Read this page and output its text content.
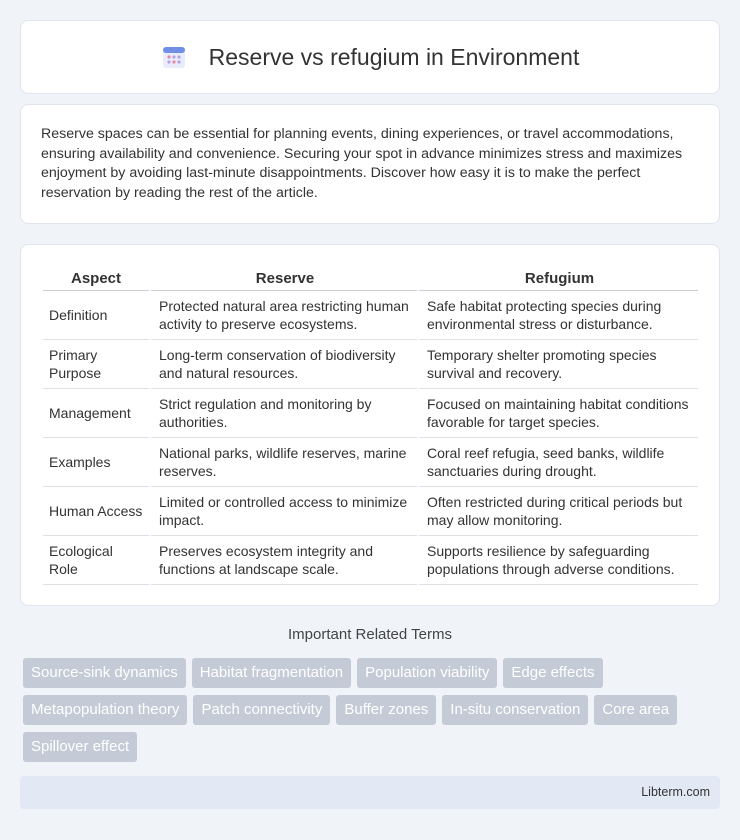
Reserve vs refugium in Environment

Reserve spaces can be essential for planning events, dining experiences, or travel accommodations, ensuring availability and convenience. Securing your spot in advance minimizes stress and maximizes enjoyment by avoiding last-minute disappointments. Discover how easy it is to make the perfect reservation by reading the rest of the article.

Aspect	Reserve	Refugium
Definition	Protected natural area restricting human activity to preserve ecosystems.	Safe habitat protecting species during environmental stress or disturbance.
Primary Purpose	Long-term conservation of biodiversity and natural resources.	Temporary shelter promoting species survival and recovery.
Management	Strict regulation and monitoring by authorities.	Focused on maintaining habitat conditions favorable for target species.
Examples	National parks, wildlife reserves, marine reserves.	Coral reef refugia, seed banks, wildlife sanctuaries during drought.
Human Access	Limited or controlled access to minimize impact.	Often restricted during critical periods but may allow monitoring.
Ecological Role	Preserves ecosystem integrity and functions at landscape scale.	Supports resilience by safeguarding populations through adverse conditions.
Important Related Terms
Source-sink dynamics	Habitat fragmentation	Population viability	Edge effects
Metapopulation theory	Patch connectivity	Buffer zones	In-situ conservation	Core area
Spillover effect
Libterm.com
